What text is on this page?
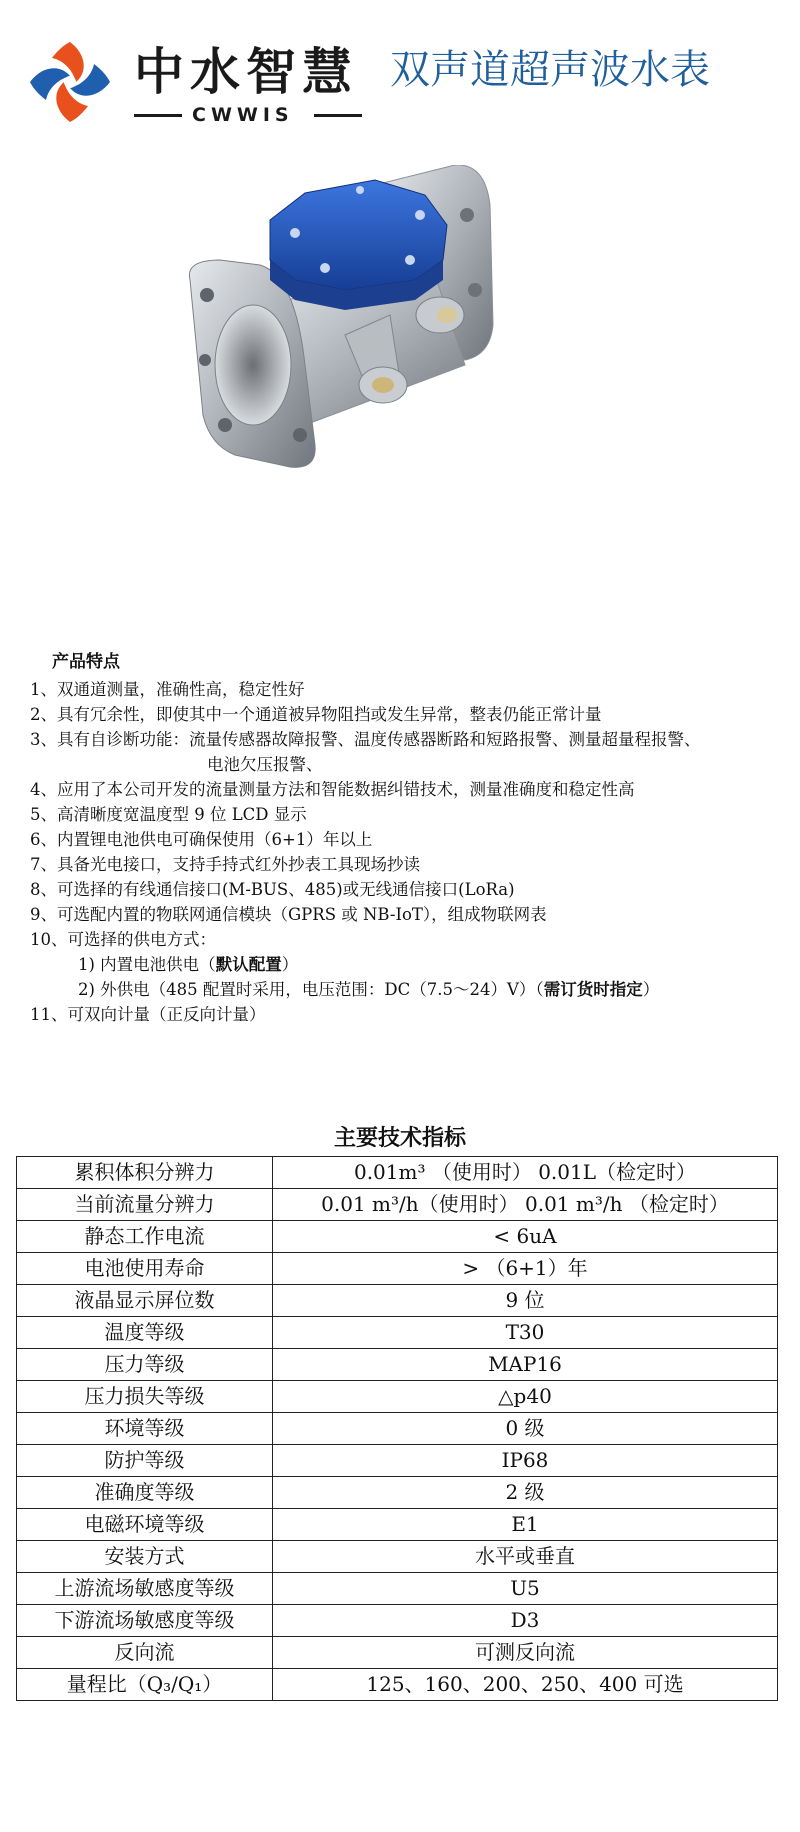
中水智慧
CWWIS
双声道超声波水表
产品特点
1、双通道测量，准确性高，稳定性好
2、具有冗余性，即使其中一个通道被异物阻挡或发生异常，整表仍能正常计量
3、具有自诊断功能：流量传感器故障报警、温度传感器断路和短路报警、测量超量程报警、
电池欠压报警、
4、应用了本公司开发的流量测量方法和智能数据纠错技术，测量准确度和稳定性高
5、高清晰度宽温度型 9 位 LCD 显示
6、内置锂电池供电可确保使用（6+1）年以上
7、具备光电接口，支持手持式红外抄表工具现场抄读
8、可选择的有线通信接口(M-BUS、485)或无线通信接口(LoRa)
9、可选配内置的物联网通信模块（GPRS 或 NB-IoT），组成物联网表
10、可选择的供电方式：
1) 内置电池供电（默认配置）
2) 外供电（485 配置时采用，电压范围：DC（7.5～24）V）（需订货时指定）
11、可双向计量（正反向计量）
主要技术指标
累积体积分辨力	0.01m³ （使用时） 0.01L（检定时）
当前流量分辨力	0.01 m³/h（使用时） 0.01 m³/h （检定时）
静态工作电流	< 6uA
电池使用寿命	> （6+1）年
液晶显示屏位数	9 位
温度等级	T30
压力等级	MAP16
压力损失等级	△p40
环境等级	0 级
防护等级	IP68
准确度等级	2 级
电磁环境等级	E1
安装方式	水平或垂直
上游流场敏感度等级	U5
下游流场敏感度等级	D3
反向流	可测反向流
量程比（Q₃/Q₁）	125、160、200、250、400 可选
